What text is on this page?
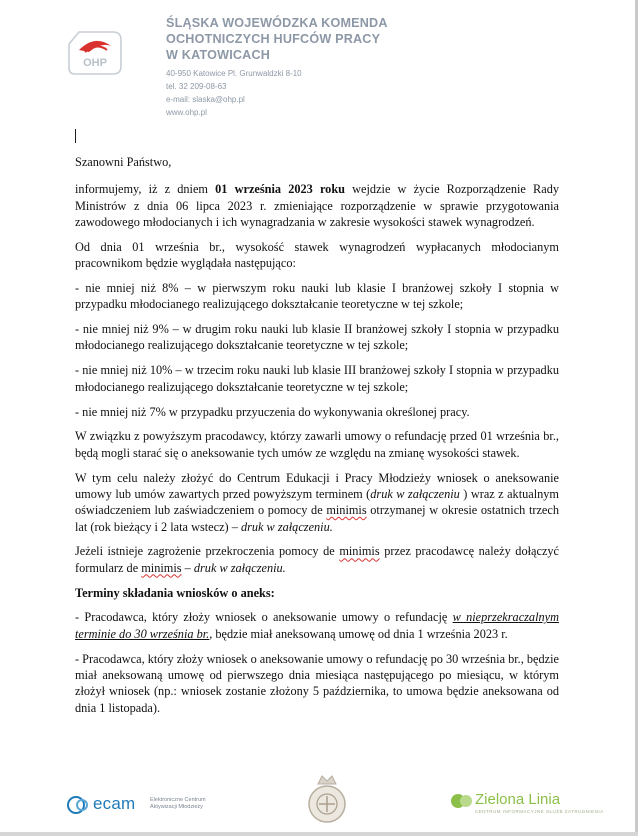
OHP
ŚLĄSKA WOJEWÓDZKA KOMENDA
OCHOTNICZYCH HUFCÓW PRACY
W KATOWICACH
40-950 Katowice Pl. Grunwaldzki 8-10
tel. 32 209-08-63
e-mail: slaska@ohp.pl
www.ohp.pl

Szanowni Państwo,

informujemy, iż z dniem 01 września 2023 roku wejdzie w życie Rozporządzenie Rady Ministrów z dnia 06 lipca 2023 r. zmieniające rozporządzenie w sprawie przygotowania zawodowego młodocianych i ich wynagradzania w zakresie wysokości stawek wynagrodzeń.

Od dnia 01 września br., wysokość stawek wynagrodzeń wypłacanych młodocianym pracownikom będzie wyglądała następująco:

- nie mniej niż 8% – w pierwszym roku nauki lub klasie I branżowej szkoły I stopnia w przypadku młodocianego realizującego dokształcanie teoretyczne w tej szkole;

- nie mniej niż 9% – w drugim roku nauki lub klasie II branżowej szkoły I stopnia w przypadku młodocianego realizującego dokształcanie teoretyczne w tej szkole;

- nie mniej niż 10% – w trzecim roku nauki lub klasie III branżowej szkoły I stopnia w przypadku młodocianego realizującego dokształcanie teoretyczne w tej szkole;

- nie mniej niż 7% w przypadku przyuczenia do wykonywania określonej pracy.

W związku z powyższym pracodawcy, którzy zawarli umowy o refundację przed 01 września br., będą mogli starać się o aneksowanie tych umów ze względu na zmianę wysokości stawek.

W tym celu należy złożyć do Centrum Edukacji i Pracy Młodzieży wniosek o aneksowanie umowy lub umów zawartych przed powyższym terminem (druk w załączeniu ) wraz z aktualnym oświadczeniem lub zaświadczeniem o pomocy de minimis otrzymanej w okresie ostatnich trzech lat (rok bieżący i 2 lata wstecz) – druk w załączeniu.

Jeżeli istnieje zagrożenie przekroczenia pomocy de minimis przez pracodawcę należy dołączyć formularz de minimis – druk w załączeniu.

Terminy składania wniosków o aneks:

- Pracodawca, który złoży wniosek o aneksowanie umowy o refundację w nieprzekraczalnym terminie do 30 września br., będzie miał aneksowaną umowę od dnia 1 września 2023 r.

- Pracodawca, który złoży wniosek o aneksowanie umowy o refundację po 30 września br., będzie miał aneksowaną umowę od pierwszego dnia miesiąca następującego po miesiącu, w którym złożył wniosek (np.: wniosek zostanie złożony 5 października, to umowa będzie aneksowana od dnia 1 listopada).

ecam	Elektroniczne Centrum
Aktywizacji Młodzieży	Zielona Linia
CENTRUM INFORMACYJNE SŁUŻB ZATRUDNIENIA
